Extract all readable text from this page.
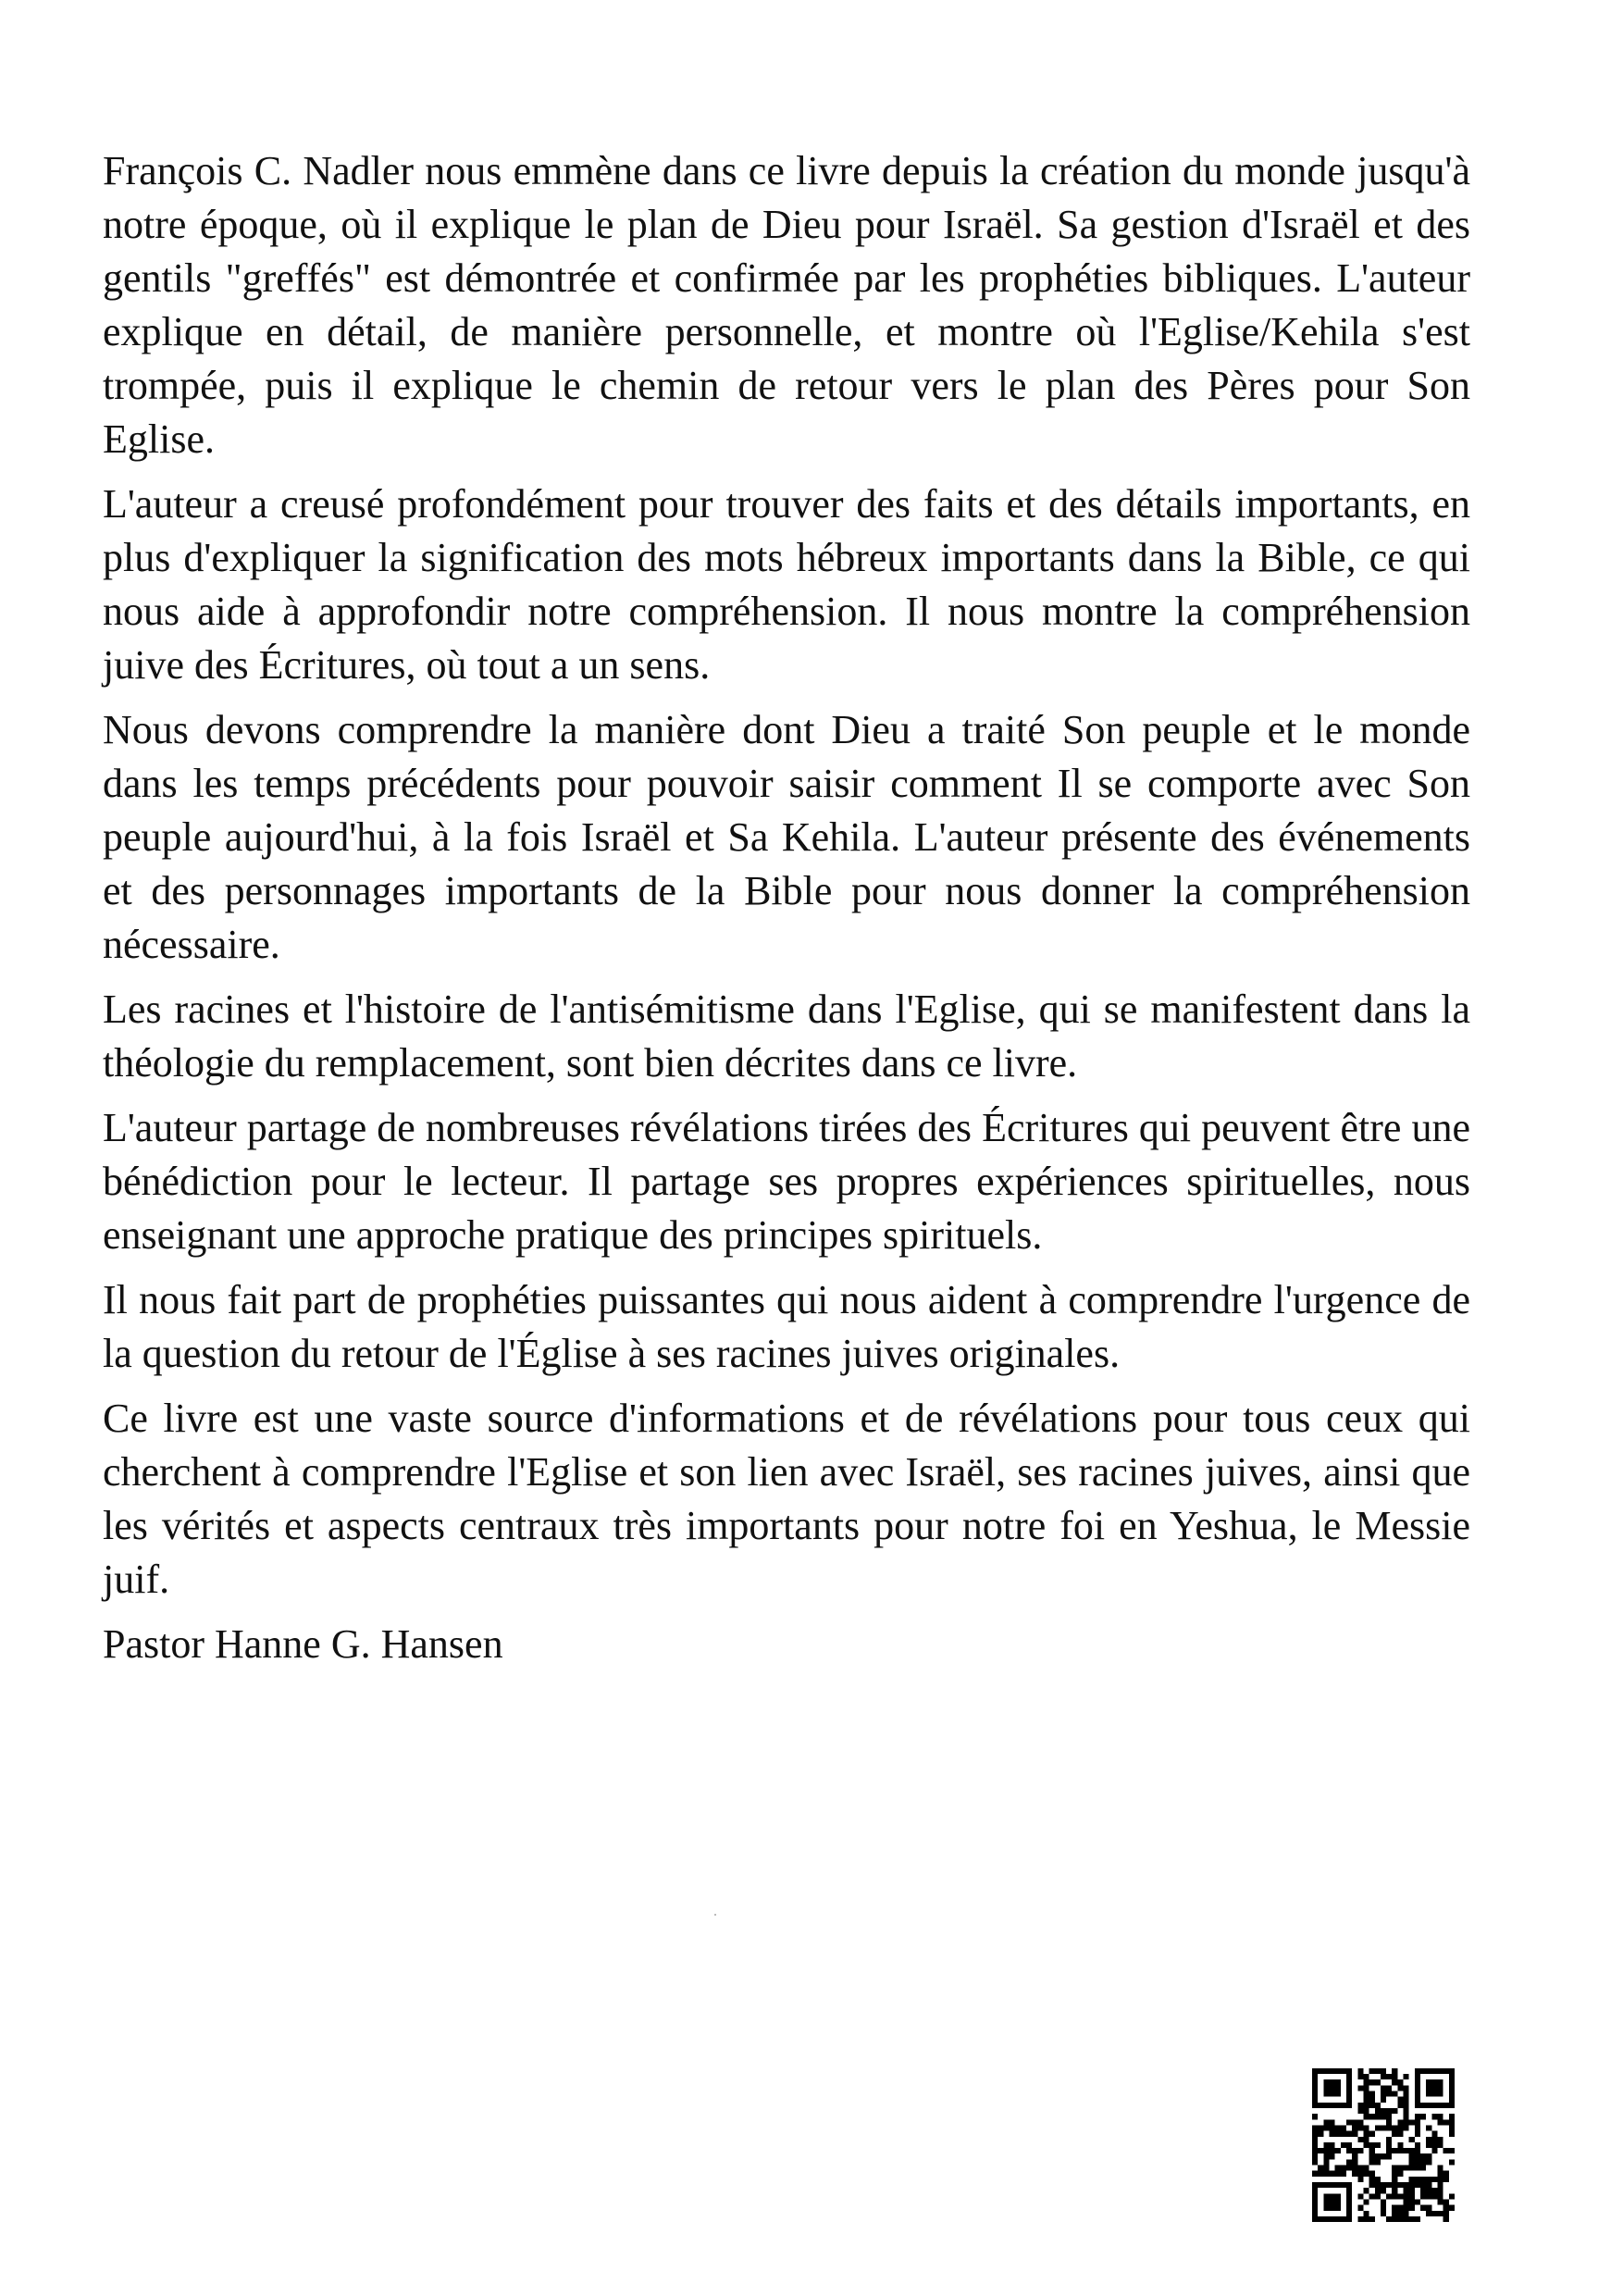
François C. Nadler nous emmène dans ce livre depuis la création du monde jusqu'à notre époque, où il explique le plan de Dieu pour Israël. Sa gestion d'Israël et des gentils "greffés" est démontrée et confirmée par les prophéties bibliques. L'auteur explique en détail, de manière personnelle, et montre où l'Eglise/Kehila s'est trompée, puis il explique le chemin de retour vers le plan des Pères pour Son Eglise.

L'auteur a creusé profondément pour trouver des faits et des détails importants, en plus d'expliquer la signification des mots hébreux importants dans la Bible, ce qui nous aide à approfondir notre compréhension. Il nous montre la compréhension juive des Écritures, où tout a un sens.

Nous devons comprendre la manière dont Dieu a traité Son peuple et le monde dans les temps précédents pour pouvoir saisir comment Il se comporte avec Son peuple aujourd'hui, à la fois Israël et Sa Kehila. L'auteur présente des événements et des personnages importants de la Bible pour nous donner la compréhension nécessaire.

Les racines et l'histoire de l'antisémitisme dans l'Eglise, qui se manifestent dans la théologie du remplacement, sont bien décrites dans ce livre.

L'auteur partage de nombreuses révélations tirées des Écritures qui peuvent être une bénédiction pour le lecteur. Il partage ses propres expériences spirituelles, nous enseignant une approche pratique des principes spirituels.

Il nous fait part de prophéties puissantes qui nous aident à comprendre l'urgence de la question du retour de l'Église à ses racines juives originales.

Ce livre est une vaste source d'informations et de révélations pour tous ceux qui cherchent à comprendre l'Eglise et son lien avec Israël, ses racines juives, ainsi que les vérités et aspects centraux très importants pour notre foi en Yeshua, le Messie juif.

Pastor Hanne G. Hansen
